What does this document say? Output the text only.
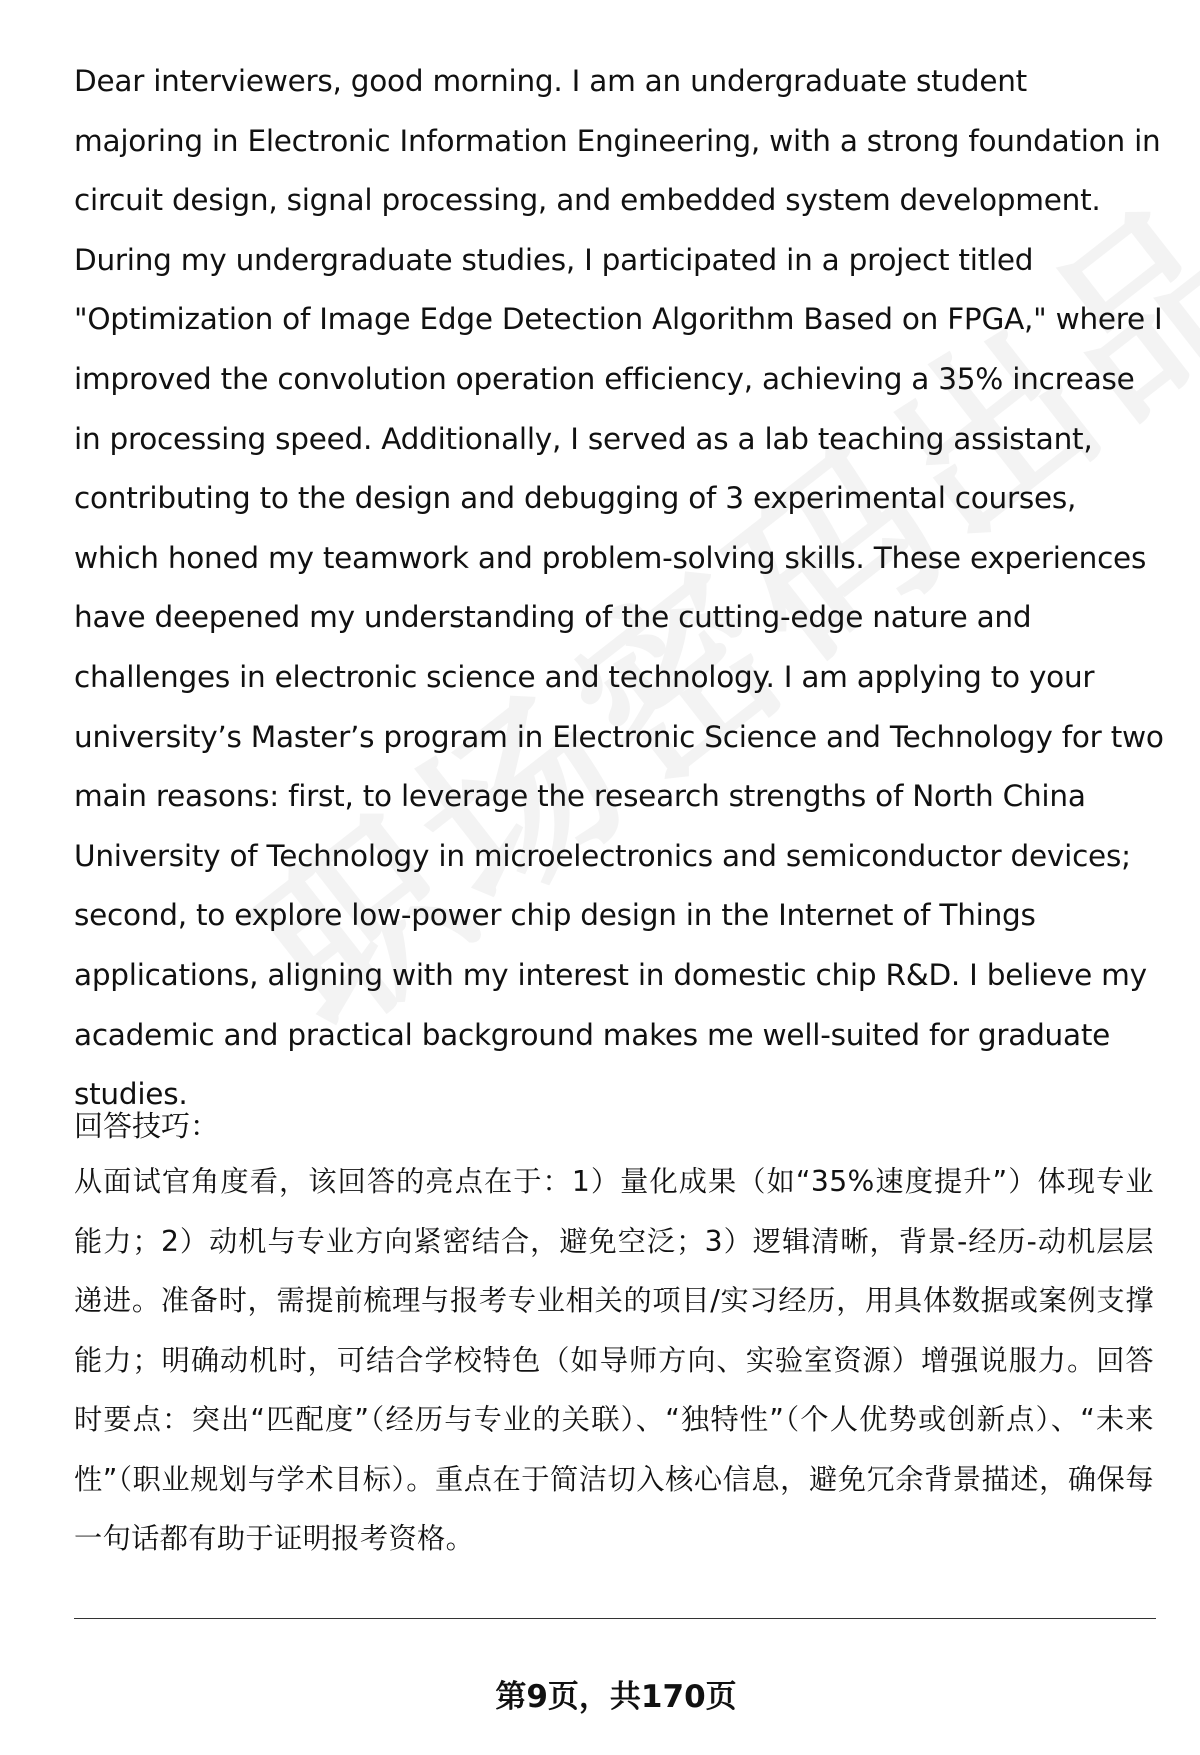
Dear interviewers, good morning. I am an undergraduate student majoring in Electronic Information Engineering, with a strong foundation in circuit design, signal processing, and embedded system development. During my undergraduate studies, I participated in a project titled "Optimization of Image Edge Detection Algorithm Based on FPGA," where I improved the convolution operation efficiency, achieving a 35% increase in processing speed. Additionally, I served as a lab teaching assistant, contributing to the design and debugging of 3 experimental courses, which honed my teamwork and problem-solving skills. These experiences have deepened my understanding of the cutting-edge nature and challenges in electronic science and technology. I am applying to your university’s Master’s program in Electronic Science and Technology for two main reasons: first, to leverage the research strengths of North China University of Technology in microelectronics and semiconductor devices; second, to explore low-power chip design in the Internet of Things applications, aligning with my interest in domestic chip R&D. I believe my academic and practical background makes me well-suited for graduate studies.

回答技巧：

从面试官角度看，该回答的亮点在于：1）量化成果（如“35%速度提升”）体现专业能力；2）动机与专业方向紧密结合，避免空泛；3）逻辑清晰，背景-经历-动机层层递进。准备时，需提前梳理与报考专业相关的项目/实习经历，用具体数据或案例支撑能力；明确动机时，可结合学校特色（如导师方向、实验室资源）增强说服力。回答时要点：突出“匹配度”（经历与专业的关联）、“独特性”（个人优势或创新点）、“未来性”（职业规划与学术目标）。重点在于简洁切入核心信息，避免冗余背景描述，确保每一句话都有助于证明报考资格。

第9页，共170页
